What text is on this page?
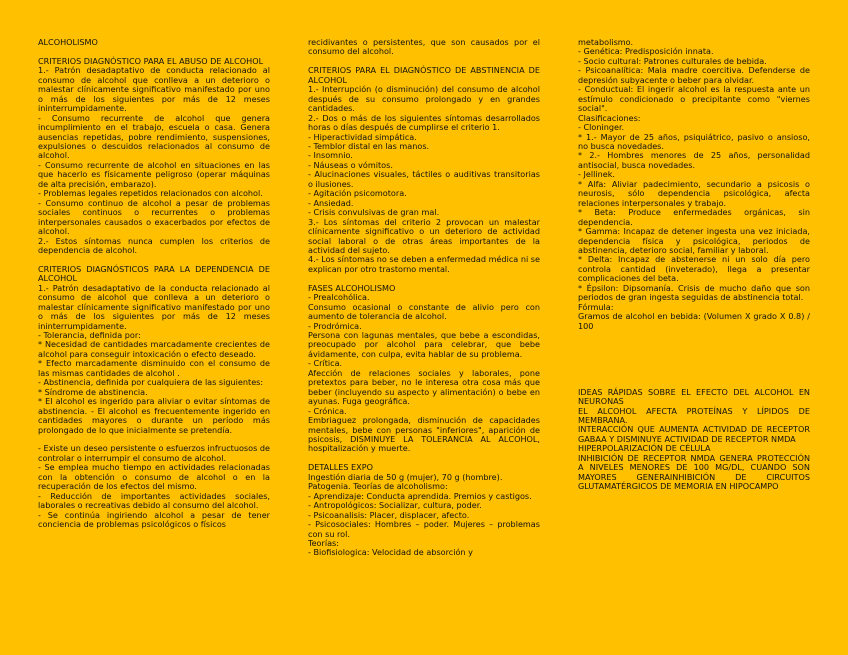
ALCOHOLISMO

CRITERIOS DIAGNÓSTICO PARA EL ABUSO DE ALCOHOL

1.- Patrón desadaptativo de conducta relacionado al consumo de alcohol que conlleva a un deterioro o malestar clínicamente significativo manifestado por uno o más de los siguientes por más de 12 meses ininterrumpidamente.

- Consumo recurrente de alcohol que genera incumplimiento en el trabajo, escuela o casa. Genera ausencias repetidas, pobre rendimiento, suspensiones, expulsiones o descuidos relacionados al consumo de alcohol.

- Consumo recurrente de alcohol en situaciones en las que hacerlo es físicamente peligroso (operar máquinas de alta precisión, embarazo).

- Problemas legales repetidos relacionados con alcohol.

- Consumo continuo de alcohol a pesar de problemas sociales continuos o recurrentes o problemas interpersonales causados o exacerbados por efectos de alcohol.

2.- Estos síntomas nunca cumplen los criterios de dependencia de alcohol.

CRITERIOS DIAGNÓSTICOS PARA LA DEPENDENCIA DE ALCOHOL

1.- Patrón desadaptativo de la conducta relacionado al consumo de alcohol que conlleva a un deterioro o malestar clínicamente significativo manifestado por uno o más de los siguientes por más de 12 meses ininterrumpidamente.

- Tolerancia, definida por:

* Necesidad de cantidades marcadamente crecientes de alcohol para conseguir intoxicación o efecto deseado.

* Efecto marcadamente disminuido con el consumo de las mismas cantidades de alcohol .

- Abstinencia, definida por cualquiera de las siguientes:

* Síndrome de abstinencia.

* El alcohol es ingerido para aliviar o evitar síntomas de abstinencia. - El alcohol es frecuentemente ingerido en cantidades mayores o durante un período más prolongado de lo que inicialmente se pretendía.

- Existe un deseo persistente o esfuerzos infructuosos de controlar o interrumpir el consumo de alcohol.

- Se emplea mucho tiempo en actividades relacionadas con la obtención o consumo de alcohol o en la recuperación de los efectos del mismo.

- Reducción de importantes actividades sociales, laborales o recreativas debido al consumo del alcohol.

- Se continúa ingiriendo alcohol a pesar de tener conciencia de problemas psicológicos o físicos

recidivantes o persistentes, que son causados por el consumo del alcohol.

CRITERIOS PARA EL DIAGNÓSTICO DE ABSTINENCIA DE ALCOHOL

1.- Interrupción (o disminución) del consumo de alcohol después de su consumo prolongado y en grandes cantidades.

2.- Dos o más de los siguientes síntomas desarrollados horas o días después de cumplirse el criterio 1.

- Hiperactividad simpática.

- Temblor distal en las manos.

- Insomnio.

- Náuseas o vómitos.

- Alucinaciones visuales, táctiles o auditivas transitorias o ilusiones.

- Agitación psicomotora.

- Ansiedad.

- Crisis convulsivas de gran mal.

3.- Los síntomas del criterio 2 provocan un malestar clínicamente significativo o un deterioro de actividad social laboral o de otras áreas importantes de la actividad del sujeto.

4.- Los síntomas no se deben a enfermedad médica ni se explican por otro trastorno mental.

FASES ALCOHOLISMO

- Prealcohólica.

Consumo ocasional o constante de alivio pero con aumento de tolerancia de alcohol.

- Prodrómica.

Persona con lagunas mentales, que bebe a escondidas, preocupado por alcohol para celebrar, que bebe ávidamente, con culpa, evita hablar de su problema.

- Crítica.

Afección de relaciones sociales y laborales, pone pretextos para beber, no le interesa otra cosa más que beber (incluyendo su aspecto y alimentación) o bebe en ayunas. Fuga geográfica.

- Crónica.

Embriaguez prolongada, disminución de capacidades mentales, bebe con personas "inferiores", aparición de psicosis, DISMINUYE LA TOLERANCIA AL ALCOHOL, hospitalización y muerte.

DETALLES EXPO

Ingestión diaria de 50 g (mujer), 70 g (hombre).

Patogenia. Teorías de alcoholismo:

- Aprendizaje: Conducta aprendida. Premios y castigos.

- Antropológicos: Socializar, cultura, poder.

- Psicoanalisis: Placer, displacer, afecto.

- Psicosociales: Hombres – poder. Mujeres – problemas con su rol.

Teorías:

- Biofisiologica: Velocidad de absorción y

metabolismo.

- Genética: Predisposición innata.

- Socio cultural: Patrones culturales de bebida.

- Psicoanalítica: Mala madre coercitiva. Defenderse de depresión subyacente o beber para olvidar.

- Conductual: El ingerir alcohol es la respuesta ante un estímulo condicionado o precipitante como "viernes social".

Clasificaciones:

- Cloninger.

* 1.- Mayor de 25 años, psiquiátrico, pasivo o ansioso, no busca novedades.

* 2.- Hombres menores de 25 años, personalidad antisocial, busca novedades.

- Jellinek.

* Alfa: Aliviar padecimiento, secundario a psicosis o neurosis, sólo dependencia psicológica, afecta relaciones interpersonales y trabajo.

* Beta: Produce enfermedades orgánicas, sin dependencia.

* Gamma: Incapaz de detener ingesta una vez iniciada, dependencia física y psicológica, periodos de abstinencia, deterioro social, familiar y laboral.

* Delta: Incapaz de abstenerse ni un solo día pero controla cantidad (inveterado), llega a presentar complicaciones del beta.

* Épsilon: Dipsomanía. Crisis de mucho daño que son periodos de gran ingesta seguidas de abstinencia total.

Fórmula:

Gramos de alcohol en bebida: (Volumen X grado X 0.8) / 100

IDEAS RÁPIDAS SOBRE EL EFECTO DEL ALCOHOL EN NEURONAS

EL ALCOHOL AFECTA PROTEÍNAS Y LÍPIDOS DE MEMBRANA.

INTERACCIÓN QUE AUMENTA ACTIVIDAD DE RECEPTOR GABAA Y DISMINUYE ACTIVIDAD DE RECEPTOR NMDA

HIPERPOLARIZACIÓN DE CÉLULA

INHIBICIÓN DE RECEPTOR NMDA GENERA PROTECCIÓN A NIVELES MENORES DE 100 MG/DL, CUANDO SON MAYORES GENERAINHIBICIÓN DE CIRCUITOS GLUTAMATÉRGICOS DE MEMORIA EN HIPOCAMPO
